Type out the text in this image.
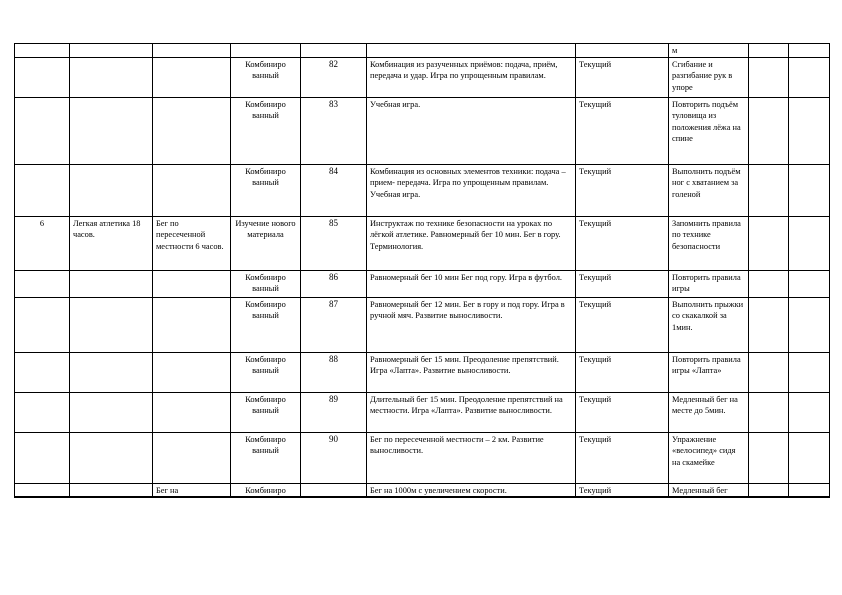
							м		

			Комбиниро ванный	82	Комбинация из разученных приёмов: подача, приём, передача и удар. Игра по упрощенным правилам.	Текущий	Сгибание и разгибание рук в упоре		

			Комбиниро ванный	83	Учебная игра.	Текущий	Повторить подъём туловища из положения лёжа на спине		

			Комбиниро ванный	84	Комбинация из основных элементов техники: подача – прием- передача. Игра по упрощенным правилам. Учебная игра.	Текущий	Выполнить подъём ног с хватанием за голеной		

6	Легкая атлетика 18 часов.	Бег по пересеченной местности 6 часов.	Изучение нового материала	85	Инструктаж по технике безопасности на уроках по лёгкой атлетике. Равномерный бег 10 мин. Бег в гору. Терминология.	Текущий	Запомнить правила по технике безопасности		

			Комбиниро ванный	86	Равномерный бег 10 мин Бег под гору. Игра в футбол.	Текущий	Повторить правила игры		

			Комбиниро ванный	87	Равномерный бег 12 мин. Бег в гору и под гору. Игра в ручной мяч. Развитие выносливости.	Текущий	Выполнить прыжки со скакалкой за 1мин.		

			Комбиниро ванный	88	Равномерный бег 15 мин. Преодоление препятствий. Игра «Лапта». Развитие выносливости.	Текущий	Повторить правила игры «Лапта»		

			Комбиниро ванный	89	Длительный бег 15 мин. Преодоление препятствий на местности. Игра «Лапта». Развитие выносливости.	Текущий	Медленный бег на месте до 5мин.		

			Комбиниро ванный	90	Бег по пересеченной местности – 2 км. Развитие выносливости.	Текущий	Упражнение «велосипед» сидя на скамейке		

		Бег на	Комбиниро		Бег на 1000м с увеличением скорости.	Текущий	Медленный бег		
